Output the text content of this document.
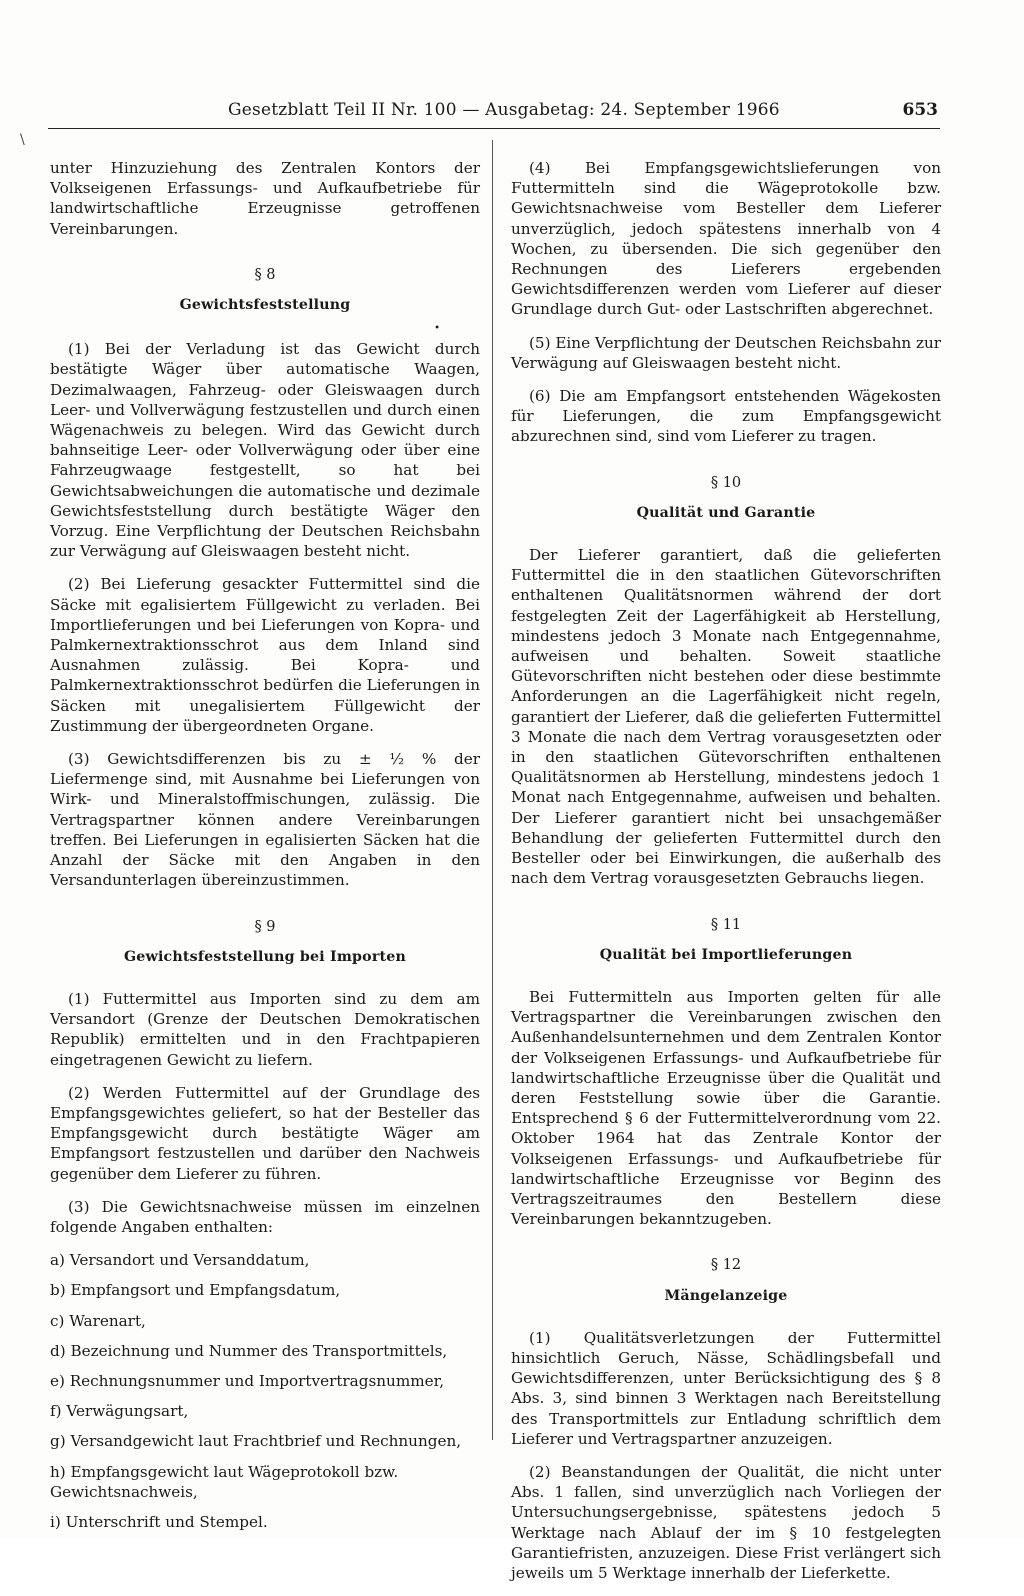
Gesetzblatt Teil II Nr. 100 — Ausgabetag: 24. September 1966	653
\

unter Hinzuziehung des Zentralen Kontors der Volkseigenen Erfassungs- und Aufkaufbetriebe für landwirtschaftliche Erzeugnisse getroffenen Vereinbarungen.

§ 8
Gewichtsfeststellung
•

(1) Bei der Verladung ist das Gewicht durch bestätigte Wäger über automatische Waagen, Dezimalwaagen, Fahrzeug- oder Gleiswaagen durch Leer- und Vollverwägung festzustellen und durch einen Wägenachweis zu belegen. Wird das Gewicht durch bahnseitige Leer- oder Vollverwägung oder über eine Fahrzeugwaage festgestellt, so hat bei Gewichtsabweichungen die automatische und dezimale Gewichtsfeststellung durch bestätigte Wäger den Vorzug. Eine Verpflichtung der Deutschen Reichsbahn zur Verwägung auf Gleiswaagen besteht nicht.

(2) Bei Lieferung gesackter Futtermittel sind die Säcke mit egalisiertem Füllgewicht zu verladen. Bei Importlieferungen und bei Lieferungen von Kopra- und Palmkernextraktionsschrot aus dem Inland sind Ausnahmen zulässig. Bei Kopra- und Palmkernextraktionsschrot bedürfen die Lieferungen in Säcken mit unegalisiertem Füllgewicht der Zustimmung der übergeordneten Organe.

(3) Gewichtsdifferenzen bis zu ± ½ % der Liefermenge sind, mit Ausnahme bei Lieferungen von Wirk- und Mineralstoffmischungen, zulässig. Die Vertragspartner können andere Vereinbarungen treffen. Bei Lieferungen in egalisierten Säcken hat die Anzahl der Säcke mit den Angaben in den Versandunterlagen übereinzustimmen.

§ 9
Gewichtsfeststellung bei Importen

(1) Futtermittel aus Importen sind zu dem am Versandort (Grenze der Deutschen Demokratischen Republik) ermittelten und in den Frachtpapieren eingetragenen Gewicht zu liefern.

(2) Werden Futtermittel auf der Grundlage des Empfangsgewichtes geliefert, so hat der Besteller das Empfangsgewicht durch bestätigte Wäger am Empfangsort festzustellen und darüber den Nachweis gegenüber dem Lieferer zu führen.

(3) Die Gewichtsnachweise müssen im einzelnen folgende Angaben enthalten:

a) Versandort und Versanddatum,
b) Empfangsort und Empfangsdatum,
c) Warenart,
d) Bezeichnung und Nummer des Transportmittels,
e) Rechnungsnummer und Importvertragsnummer,
f) Verwägungsart,
g) Versandgewicht laut Frachtbrief und Rechnungen,
h) Empfangsgewicht laut Wägeprotokoll bzw. Gewichtsnachweis,
i) Unterschrift und Stempel.

(4) Bei Empfangsgewichtslieferungen von Futtermitteln sind die Wägeprotokolle bzw. Gewichtsnachweise vom Besteller dem Lieferer unverzüglich, jedoch spätestens innerhalb von 4 Wochen, zu übersenden. Die sich gegenüber den Rechnungen des Lieferers ergebenden Gewichtsdifferenzen werden vom Lieferer auf dieser Grundlage durch Gut- oder Lastschriften abgerechnet.

(5) Eine Verpflichtung der Deutschen Reichsbahn zur Verwägung auf Gleiswaagen besteht nicht.

(6) Die am Empfangsort entstehenden Wägekosten für Lieferungen, die zum Empfangsgewicht abzurechnen sind, sind vom Lieferer zu tragen.

§ 10
Qualität und Garantie

Der Lieferer garantiert, daß die gelieferten Futtermittel die in den staatlichen Gütevorschriften enthaltenen Qualitätsnormen während der dort festgelegten Zeit der Lagerfähigkeit ab Herstellung, mindestens jedoch 3 Monate nach Entgegennahme, aufweisen und behalten. Soweit staatliche Gütevorschriften nicht bestehen oder diese bestimmte Anforderungen an die Lagerfähigkeit nicht regeln, garantiert der Lieferer, daß die gelieferten Futtermittel 3 Monate die nach dem Vertrag vorausgesetzten oder in den staatlichen Gütevorschriften enthaltenen Qualitätsnormen ab Herstellung, mindestens jedoch 1 Monat nach Entgegennahme, aufweisen und behalten. Der Lieferer garantiert nicht bei unsachgemäßer Behandlung der gelieferten Futtermittel durch den Besteller oder bei Einwirkungen, die außerhalb des nach dem Vertrag vorausgesetzten Gebrauchs liegen.

§ 11
Qualität bei Importlieferungen

Bei Futtermitteln aus Importen gelten für alle Vertragspartner die Vereinbarungen zwischen den Außenhandelsunternehmen und dem Zentralen Kontor der Volkseigenen Erfassungs- und Aufkaufbetriebe für landwirtschaftliche Erzeugnisse über die Qualität und deren Feststellung sowie über die Garantie. Entsprechend § 6 der Futtermittelverordnung vom 22. Oktober 1964 hat das Zentrale Kontor der Volkseigenen Erfassungs- und Aufkaufbetriebe für landwirtschaftliche Erzeugnisse vor Beginn des Vertragszeitraumes den Bestellern diese Vereinbarungen bekanntzugeben.

§ 12
Mängelanzeige

(1) Qualitätsverletzungen der Futtermittel hinsichtlich Geruch, Nässe, Schädlingsbefall und Gewichtsdifferenzen, unter Berücksichtigung des § 8 Abs. 3, sind binnen 3 Werktagen nach Bereitstellung des Transportmittels zur Entladung schriftlich dem Lieferer und Vertragspartner anzuzeigen.

(2) Beanstandungen der Qualität, die nicht unter Abs. 1 fallen, sind unverzüglich nach Vorliegen der Untersuchungsergebnisse, spätestens jedoch 5 Werktage nach Ablauf der im § 10 festgelegten Garantiefristen, anzuzeigen. Diese Frist verlängert sich jeweils um 5 Werktage innerhalb der Lieferkette.
